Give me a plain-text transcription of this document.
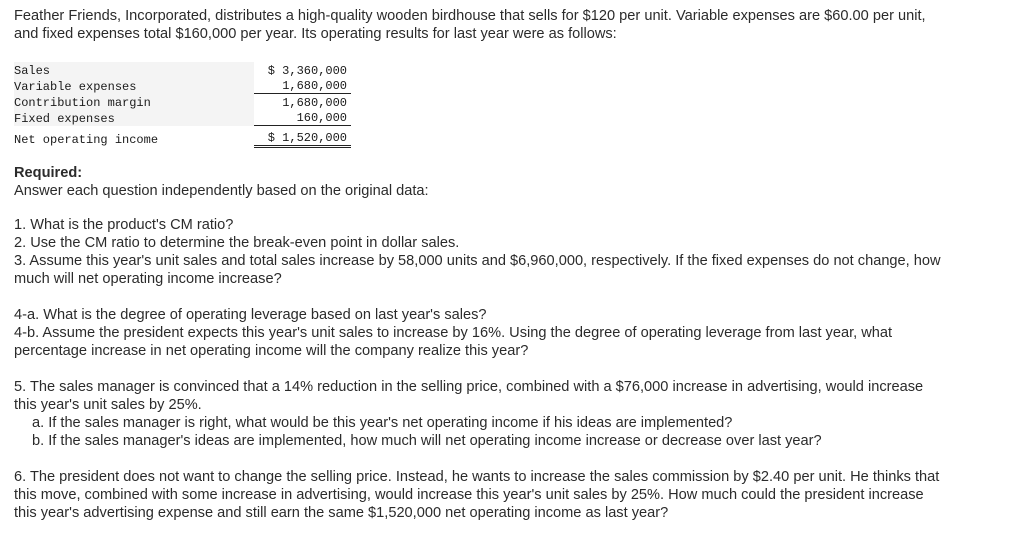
Feather Friends, Incorporated, distributes a high-quality wooden birdhouse that sells for $120 per unit. Variable expenses are $60.00 per unit, and fixed expenses total $160,000 per year. Its operating results for last year were as follows:

Sales	$ 3,360,000
Variable expenses	1,680,000
Contribution margin	1,680,000
Fixed expenses	160,000
Net operating income	$ 1,520,000
Required:

Answer each question independently based on the original data:

1. What is the product's CM ratio?

2. Use the CM ratio to determine the break-even point in dollar sales.

3. Assume this year's unit sales and total sales increase by 58,000 units and $6,960,000, respectively. If the fixed expenses do not change, how much will net operating income increase?

4-a. What is the degree of operating leverage based on last year's sales?

4-b. Assume the president expects this year's unit sales to increase by 16%. Using the degree of operating leverage from last year, what percentage increase in net operating income will the company realize this year?

5. The sales manager is convinced that a 14% reduction in the selling price, combined with a $76,000 increase in advertising, would increase this year's unit sales by 25%.

a. If the sales manager is right, what would be this year's net operating income if his ideas are implemented?

b. If the sales manager's ideas are implemented, how much will net operating income increase or decrease over last year?

6. The president does not want to change the selling price. Instead, he wants to increase the sales commission by $2.40 per unit. He thinks that this move, combined with some increase in advertising, would increase this year's unit sales by 25%. How much could the president increase this year's advertising expense and still earn the same $1,520,000 net operating income as last year?
